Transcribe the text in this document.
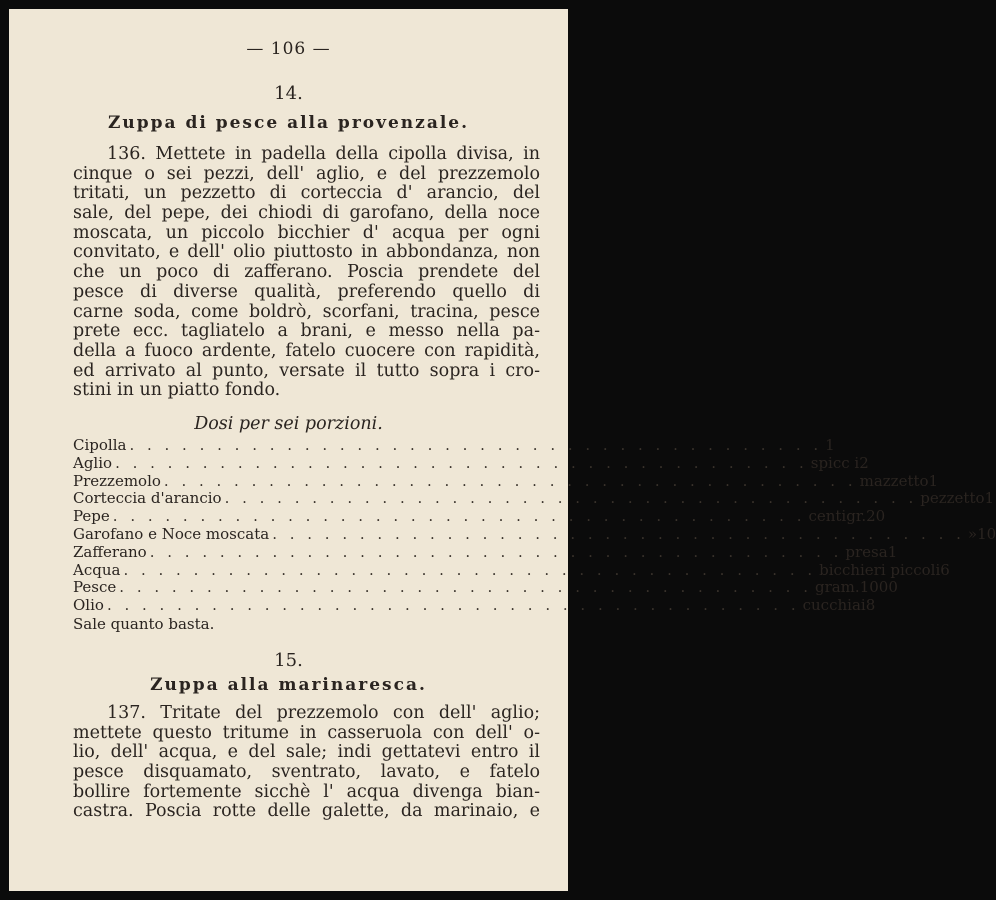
— 106 —
14.
Zuppa di pesce alla provenzale.
136. Mettete in padella della cipolla divisa, in
cinque o sei pezzi, dell' aglio, e del prezzemolo
tritati, un pezzetto di corteccia d' arancio, del
sale, del pepe, dei chiodi di garofano, della noce
moscata, un piccolo bicchier d' acqua per ogni
convitato, e dell' olio piuttosto in abbondanza, non
che un poco di zafferano. Poscia prendete del
pesce di diverse qualità, preferendo quello di
carne soda, come boldrò, scorfani, tracina, pesce
prete ecc. tagliatelo a brani, e messo nella pa-
della a fuoco ardente, fatelo cuocere con rapidità,
ed arrivato al punto, versate il tutto sopra i cro-
stini in un piatto fondo.
Dosi per sei porzioni.
Cipolla . . . . . . . . . . . . . . . . . . . . . . . . . . . . . . . . . . . . . . . . 1
Aglio . . . . . . . . . . . . . . . . . . . . . . . . . . . . . . . . . . . . . . . . spicc i 2
Prezzemolo . . . . . . . . . . . . . . . . . . . . . . . . . . . . . . . . . . . . . . . . mazzetto 1
Corteccia d'arancio . . . . . . . . . . . . . . . . . . . . . . . . . . . . . . . . . . . . . . . . pezzetto 1
Pepe . . . . . . . . . . . . . . . . . . . . . . . . . . . . . . . . . . . . . . . . centigr. 20
Garofano e Noce moscata . . . . . . . . . . . . . . . . . . . . . . . . . . . . . . . . . . . . . . . . » 10
Zafferano . . . . . . . . . . . . . . . . . . . . . . . . . . . . . . . . . . . . . . . . presa 1
Acqua . . . . . . . . . . . . . . . . . . . . . . . . . . . . . . . . . . . . . . . . bicchieri piccoli 6
Pesce . . . . . . . . . . . . . . . . . . . . . . . . . . . . . . . . . . . . . . . . gram. 1000
Olio . . . . . . . . . . . . . . . . . . . . . . . . . . . . . . . . . . . . . . . . cucchiai 8
Sale quanto basta.
15.
Zuppa alla marinaresca.
137. Tritate del prezzemolo con dell' aglio;
mettete questo tritume in casseruola con dell' o-
lio, dell' acqua, e del sale; indi gettatevi entro il
pesce disquamato, sventrato, lavato, e fatelo
bollire fortemente sicchè l' acqua divenga bian-
castra. Poscia rotte delle galette, da marinaio, e
